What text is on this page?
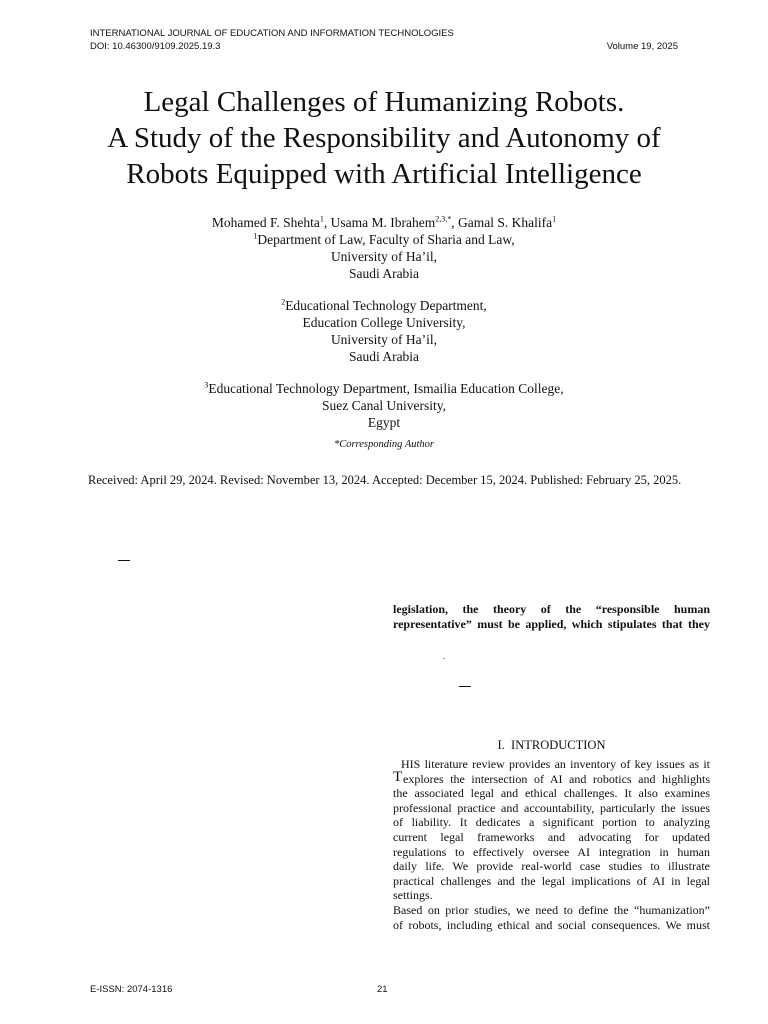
INTERNATIONAL JOURNAL OF EDUCATION AND INFORMATION TECHNOLOGIES
DOI: 10.46300/9109.2025.19.3	Volume 19, 2025
Legal Challenges of Humanizing Robots.
A Study of the Responsibility and Autonomy of
Robots Equipped with Artificial Intelligence
Mohamed F. Shehta$^1$, Usama M. Ibrahem$^{2,3,*}$, Gamal S. Khalifa$^1$
$^1$Department of Law, Faculty of Sharia and Law,
University of Ha’il,
Saudi Arabia
$^2$Educational Technology Department,
Education College University,
University of Ha’il,
Saudi Arabia
$^3$Educational Technology Department, Ismailia Education College,
Suez Canal University,
Egypt
*Corresponding Author
Received: April 29, 2024. Revised: November 13, 2024. Accepted: December 15, 2024. Published: February 25, 2025.
legislation, the theory of the “responsible human
representative” must be applied, which stipulates that they
.
I. INTRODUCTION
T
HIS literature review provides an inventory of key issues as it
explores the intersection of AI and robotics and highlights
the associated legal and ethical challenges. It also examines
professional practice and accountability, particularly the issues
of liability. It dedicates a significant portion to analyzing
current legal frameworks and advocating for updated
regulations to effectively oversee AI integration in human
daily life. We provide real-world case studies to illustrate
practical challenges and the legal implications of AI in legal
settings.
Based on prior studies, we need to define the “humanization”
of robots, including ethical and social consequences. We must
E-ISSN: 2074-1316	21
